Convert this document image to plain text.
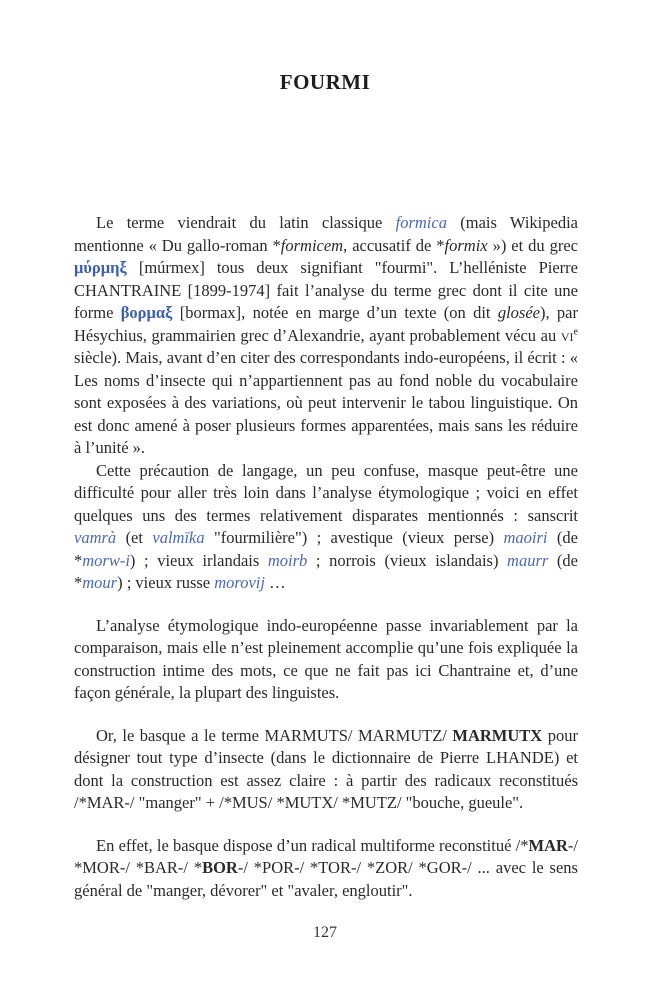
FOURMI

Le terme viendrait du latin classique formica (mais Wikipedia mentionne « Du gallo-roman *formicem, accusatif de *formix ») et du grec μύρμηξ [múrmex] tous deux signifiant "fourmi". L’helléniste Pierre CHANTRAINE [1899-1974] fait l’analyse du terme grec dont il cite une forme βορμαξ [bormax], notée en marge d’un texte (on dit glosée), par Hésychius, grammairien grec d’Alexandrie, ayant probablement vécu au $vi^e$ siècle). Mais, avant d’en citer des correspondants indo-européens, il écrit : « Les noms d’insecte qui n’appartiennent pas au fond noble du vocabulaire sont exposées à des variations, où peut intervenir le tabou linguistique. On est donc amené à poser plusieurs formes apparentées, mais sans les réduire à l’unité ».

Cette précaution de langage, un peu confuse, masque peut-être une difficulté pour aller très loin dans l’analyse étymologique ; voici en effet quelques uns des termes relativement disparates mentionnés : sanscrit vamrà (et valmīka "fourmilière") ; avestique (vieux perse) maoiri (de *morw-i) ; vieux irlandais moirb ; norrois (vieux islandais) maurr (de *mour) ; vieux russe morovij …

L’analyse étymologique indo-européenne passe invariablement par la comparaison, mais elle n’est pleinement accomplie qu’une fois expliquée la construction intime des mots, ce que ne fait pas ici Chantraine et, d’une façon générale, la plupart des linguistes.

Or, le basque a le terme MARMUTS/ MARMUTZ/ MARMUTX pour désigner tout type d’insecte (dans le dictionnaire de Pierre LHANDE) et dont la construction est assez claire : à partir des radicaux reconstitués /*MAR-/ "manger" + /*MUS/ *MUTX/ *MUTZ/ "bouche, gueule".

En effet, le basque dispose d’un radical multiforme reconstitué /*MAR-/ *MOR-/ *BAR-/ *BOR-/ *POR-/ *TOR-/ *ZOR/ *GOR-/ ... avec le sens général de "manger, dévorer" et "avaler, engloutir".

127
